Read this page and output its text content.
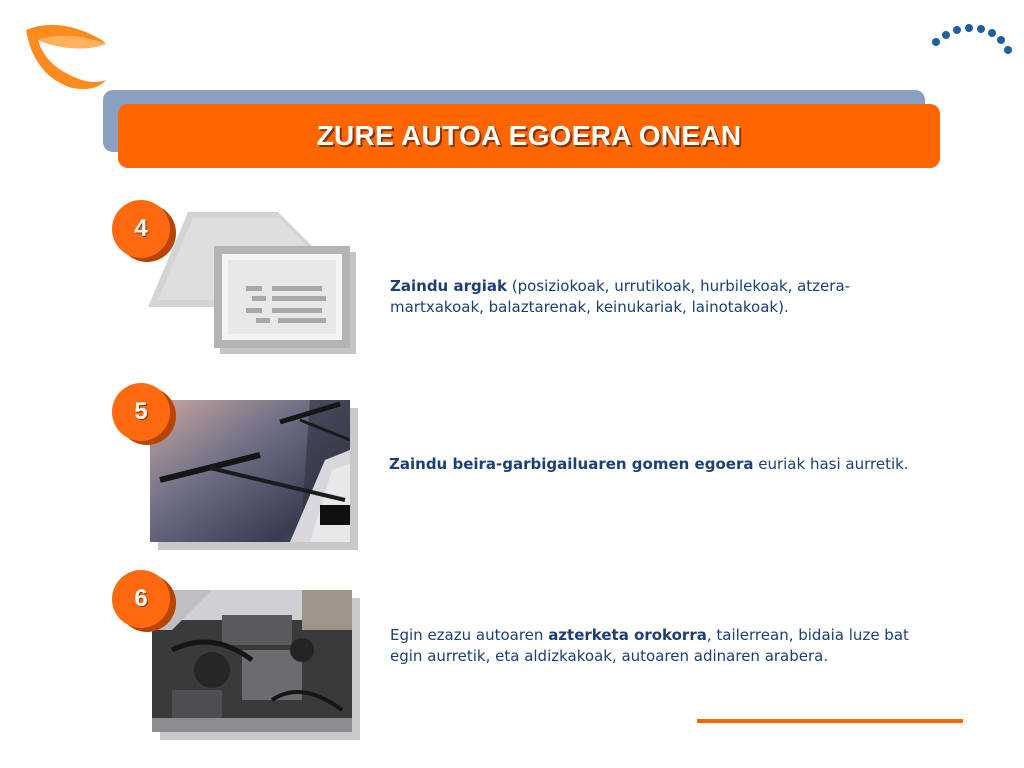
ZURE AUTOA EGOERA ONEAN
4
Zaindu argiak (posiziokoak, urrutikoak, hurbilekoak, atzera-martxakoak, balaztarenak, keinukariak, lainotakoak).
5
Zaindu beira-garbigailuaren gomen egoera euriak hasi aurretik.
6
Egin ezazu autoaren azterketa orokorra, tailerrean, bidaia luze bat egin aurretik, eta aldizkakoak, autoaren adinaren arabera.
